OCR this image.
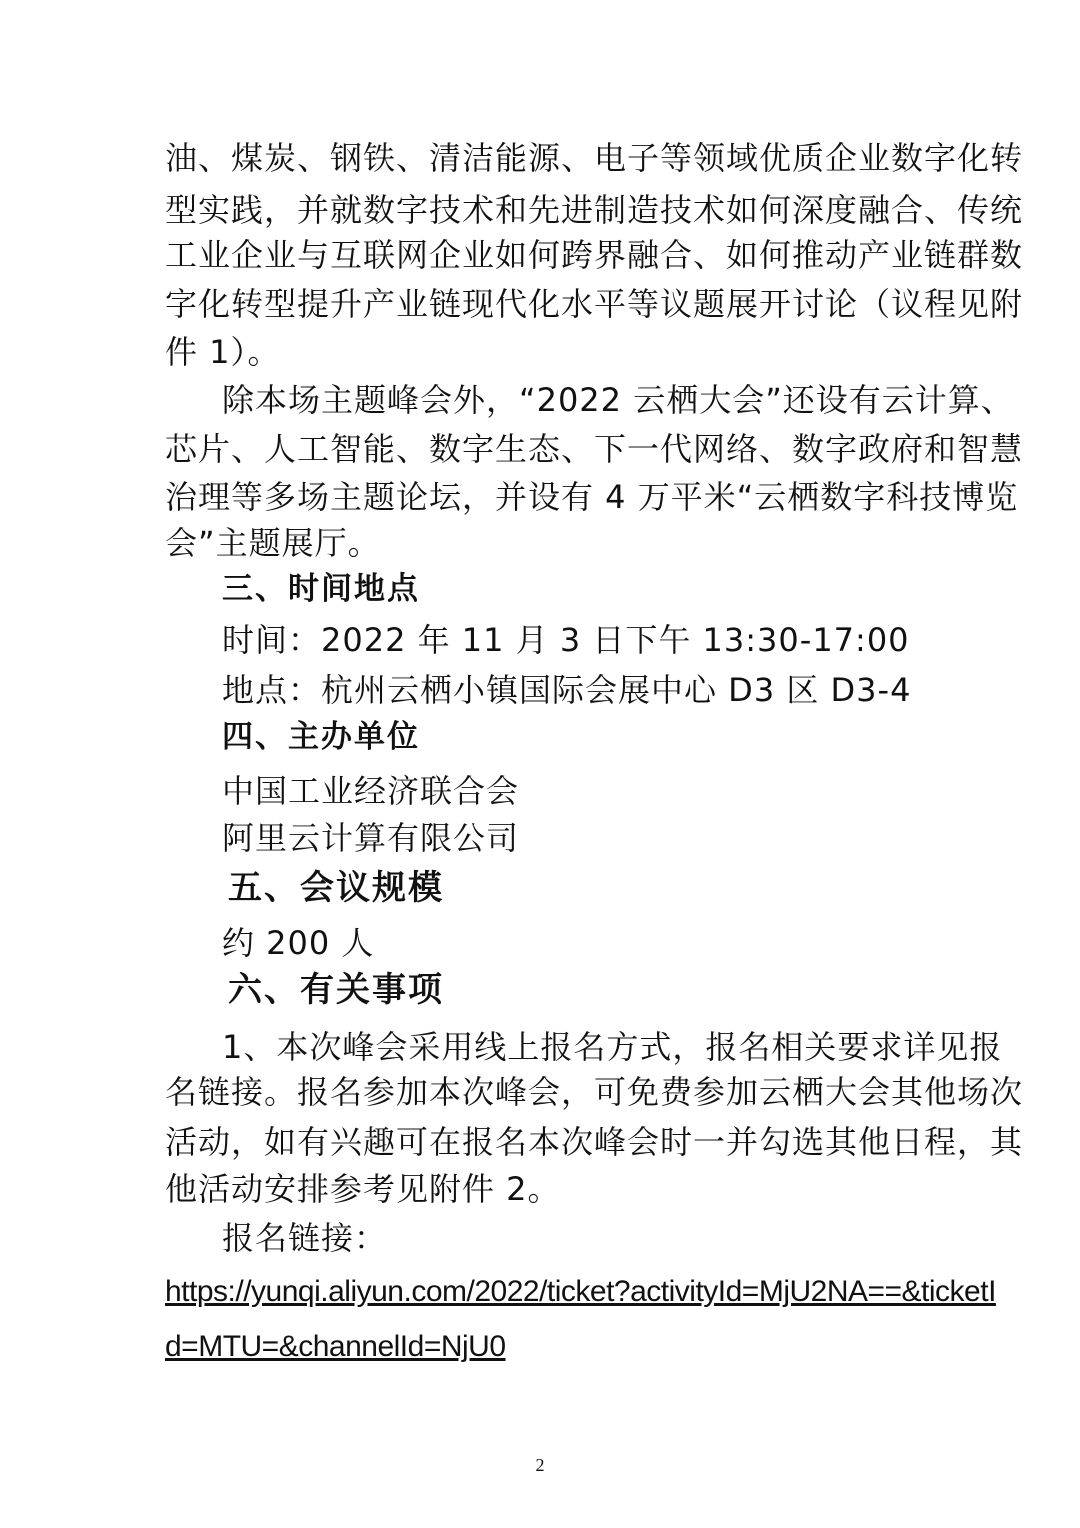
油、煤炭、钢铁、清洁能源、电子等领域优质企业数字化转
型实践，并就数字技术和先进制造技术如何深度融合、传统
工业企业与互联网企业如何跨界融合、如何推动产业链群数
字化转型提升产业链现代化水平等议题展开讨论（议程见附
件 1）。
除本场主题峰会外，“2022 云栖大会”还设有云计算、
芯片、人工智能、数字生态、下一代网络、数字政府和智慧
治理等多场主题论坛，并设有 4 万平米“云栖数字科技博览
会”主题展厅。
三、时间地点
时间：2022 年 11 月 3 日下午 13:30-17:00
地点：杭州云栖小镇国际会展中心 D3 区 D3-4
四、主办单位
中国工业经济联合会
阿里云计算有限公司
五、会议规模
约 200 人
六、有关事项
1、本次峰会采用线上报名方式，报名相关要求详见报
名链接。报名参加本次峰会，可免费参加云栖大会其他场次
活动，如有兴趣可在报名本次峰会时一并勾选其他日程，其
他活动安排参考见附件 2。
报名链接：
https://yunqi.aliyun.com/2022/ticket?activityId=MjU2NA==&ticketI
d=MTU=&channelId=NjU0
2
